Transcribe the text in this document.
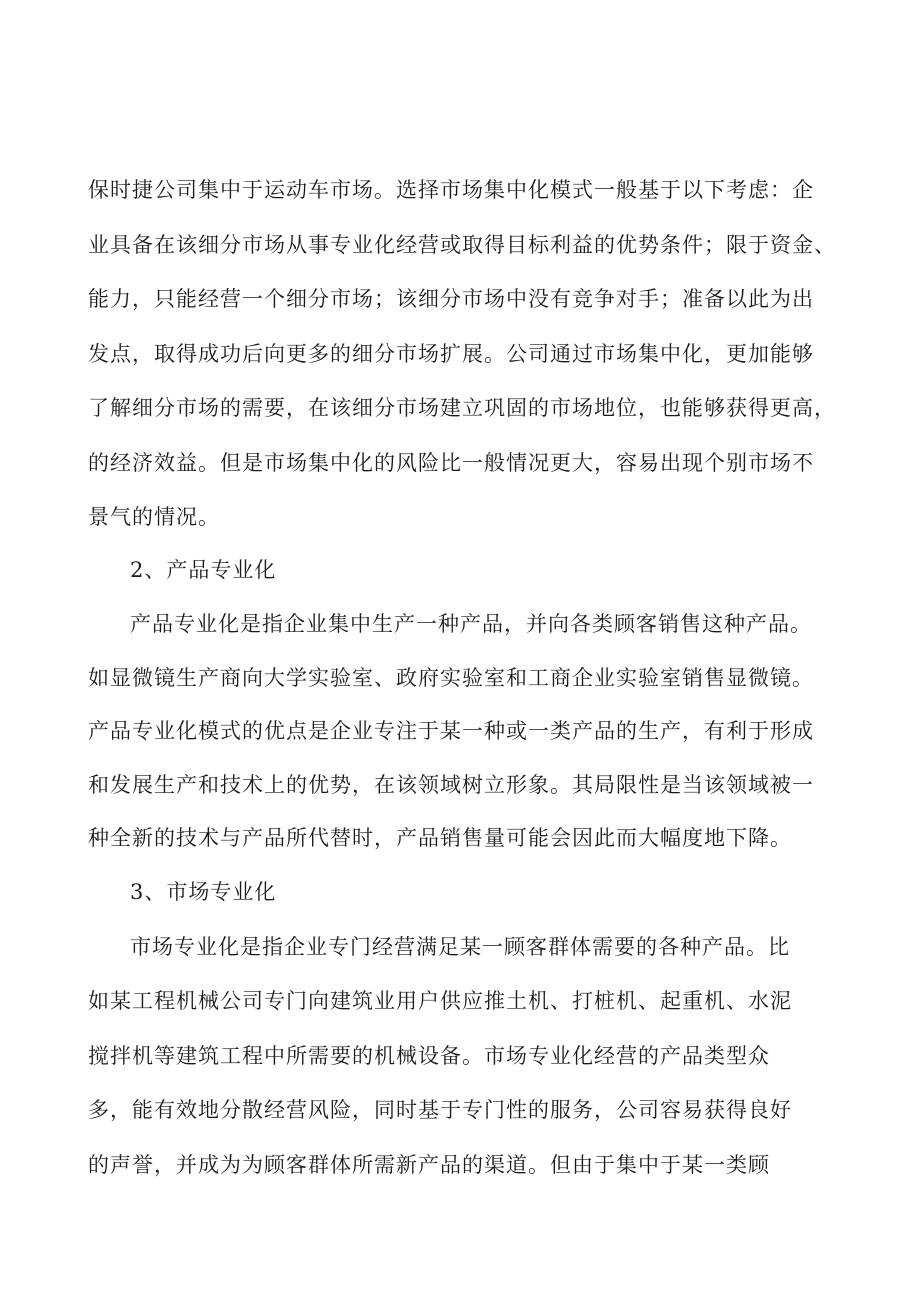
保时捷公司集中于运动车市场。选择市场集中化模式一般基于以下考虑：企
业具备在该细分市场从事专业化经营或取得目标利益的优势条件；限于资金、
能力，只能经营一个细分市场；该细分市场中没有竞争对手；准备以此为出
发点，取得成功后向更多的细分市场扩展。公司通过市场集中化，更加能够
了解细分市场的需要，在该细分市场建立巩固的市场地位，也能够获得更高，
的经济效益。但是市场集中化的风险比一般情况更大，容易出现个别市场不
景气的情况。
2、产品专业化
产品专业化是指企业集中生产一种产品，并向各类顾客销售这种产品。
如显微镜生产商向大学实验室、政府实验室和工商企业实验室销售显微镜。
产品专业化模式的优点是企业专注于某一种或一类产品的生产，有利于形成
和发展生产和技术上的优势，在该领域树立形象。其局限性是当该领域被一
种全新的技术与产品所代替时，产品销售量可能会因此而大幅度地下降。
3、市场专业化
市场专业化是指企业专门经营满足某一顾客群体需要的各种产品。比
如某工程机械公司专门向建筑业用户供应推土机、打桩机、起重机、水泥
搅拌机等建筑工程中所需要的机械设备。市场专业化经营的产品类型众
多，能有效地分散经营风险，同时基于专门性的服务，公司容易获得良好
的声誉，并成为为顾客群体所需新产品的渠道。但由于集中于某一类顾
